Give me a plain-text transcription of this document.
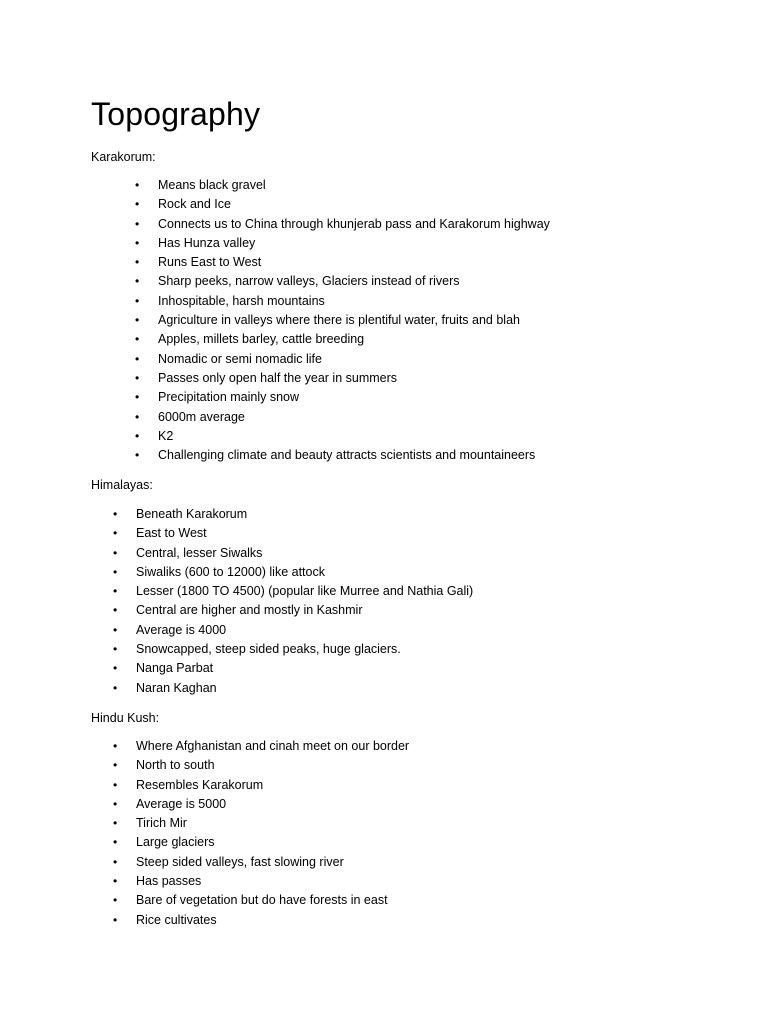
Topography

Karakorum:

• Means black gravel
• Rock and Ice
• Connects us to China through khunjerab pass and Karakorum highway
• Has Hunza valley
• Runs East to West
• Sharp peeks, narrow valleys, Glaciers instead of rivers
• Inhospitable, harsh mountains
• Agriculture in valleys where there is plentiful water, fruits and blah
• Apples, millets barley, cattle breeding
• Nomadic or semi nomadic life
• Passes only open half the year in summers
• Precipitation mainly snow
• 6000m average
• K2
• Challenging climate and beauty attracts scientists and mountaineers

Himalayas:

• Beneath Karakorum
• East to West
• Central, lesser Siwalks
• Siwaliks (600 to 12000) like attock
• Lesser (1800 TO 4500) (popular like Murree and Nathia Gali)
• Central are higher and mostly in Kashmir
• Average is 4000
• Snowcapped, steep sided peaks, huge glaciers.
• Nanga Parbat
• Naran Kaghan

Hindu Kush:

• Where Afghanistan and cinah meet on our border
• North to south
• Resembles Karakorum
• Average is 5000
• Tirich Mir
• Large glaciers
• Steep sided valleys, fast slowing river
• Has passes
• Bare of vegetation but do have forests in east
• Rice cultivates
